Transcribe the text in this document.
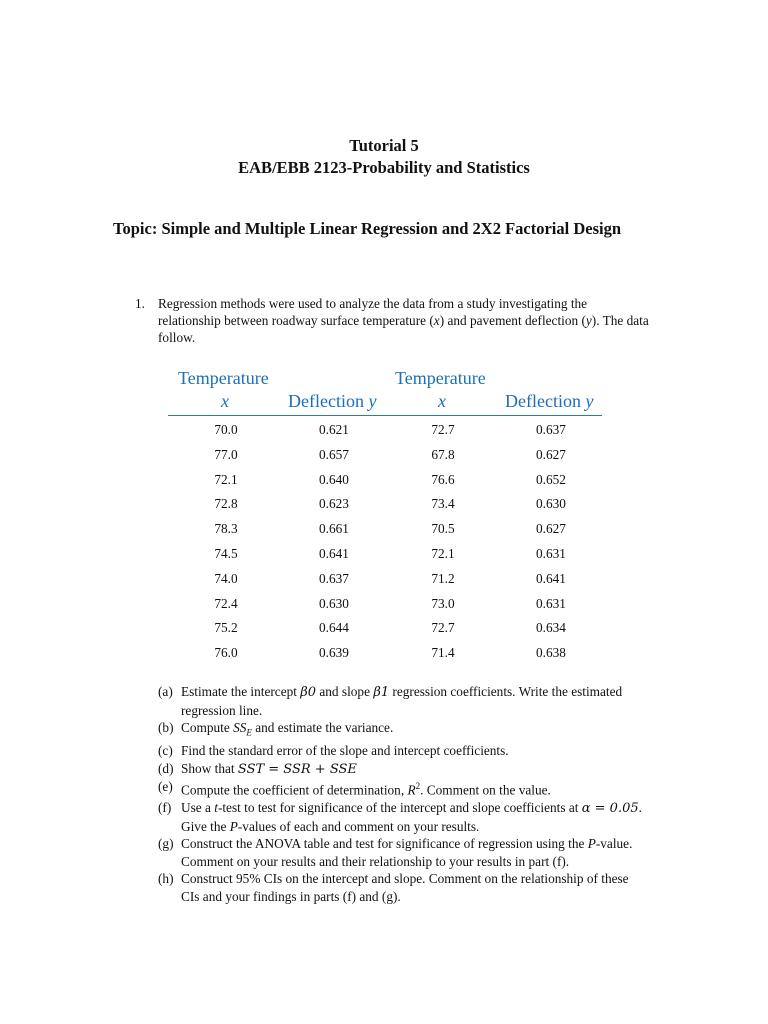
Tutorial 5
EAB/EBB 2123-Probability and Statistics
Topic: Simple and Multiple Linear Regression and 2X2 Factorial Design
1. Regression methods were used to analyze the data from a study investigating the relationship between roadway surface temperature (x) and pavement deflection (y). The data follow.
Temperature
x	Deflection y
Temperature
x	Deflection y
70.0	0.621	72.7	0.637
77.0	0.657	67.8	0.627
72.1	0.640	76.6	0.652
72.8	0.623	73.4	0.630
78.3	0.661	70.5	0.627
74.5	0.641	72.1	0.631
74.0	0.637	71.2	0.641
72.4	0.630	73.0	0.631
75.2	0.644	72.7	0.634
76.0	0.639	71.4	0.638
(a) Estimate the intercept β0 and slope β1 regression coefficients. Write the estimated regression line.
(b) Compute $SS_E$ and estimate the variance.
(c) Find the standard error of the slope and intercept coefficients.
(d) Show that SST = SSR + SSE
(e) Compute the coefficient of determination, $R^2$. Comment on the value.
(f) Use a t-test to test for significance of the intercept and slope coefficients at α = 0.05. Give the P-values of each and comment on your results.
(g) Construct the ANOVA table and test for significance of regression using the P-value. Comment on your results and their relationship to your results in part (f).
(h) Construct 95% CIs on the intercept and slope. Comment on the relationship of these CIs and your findings in parts (f) and (g).
